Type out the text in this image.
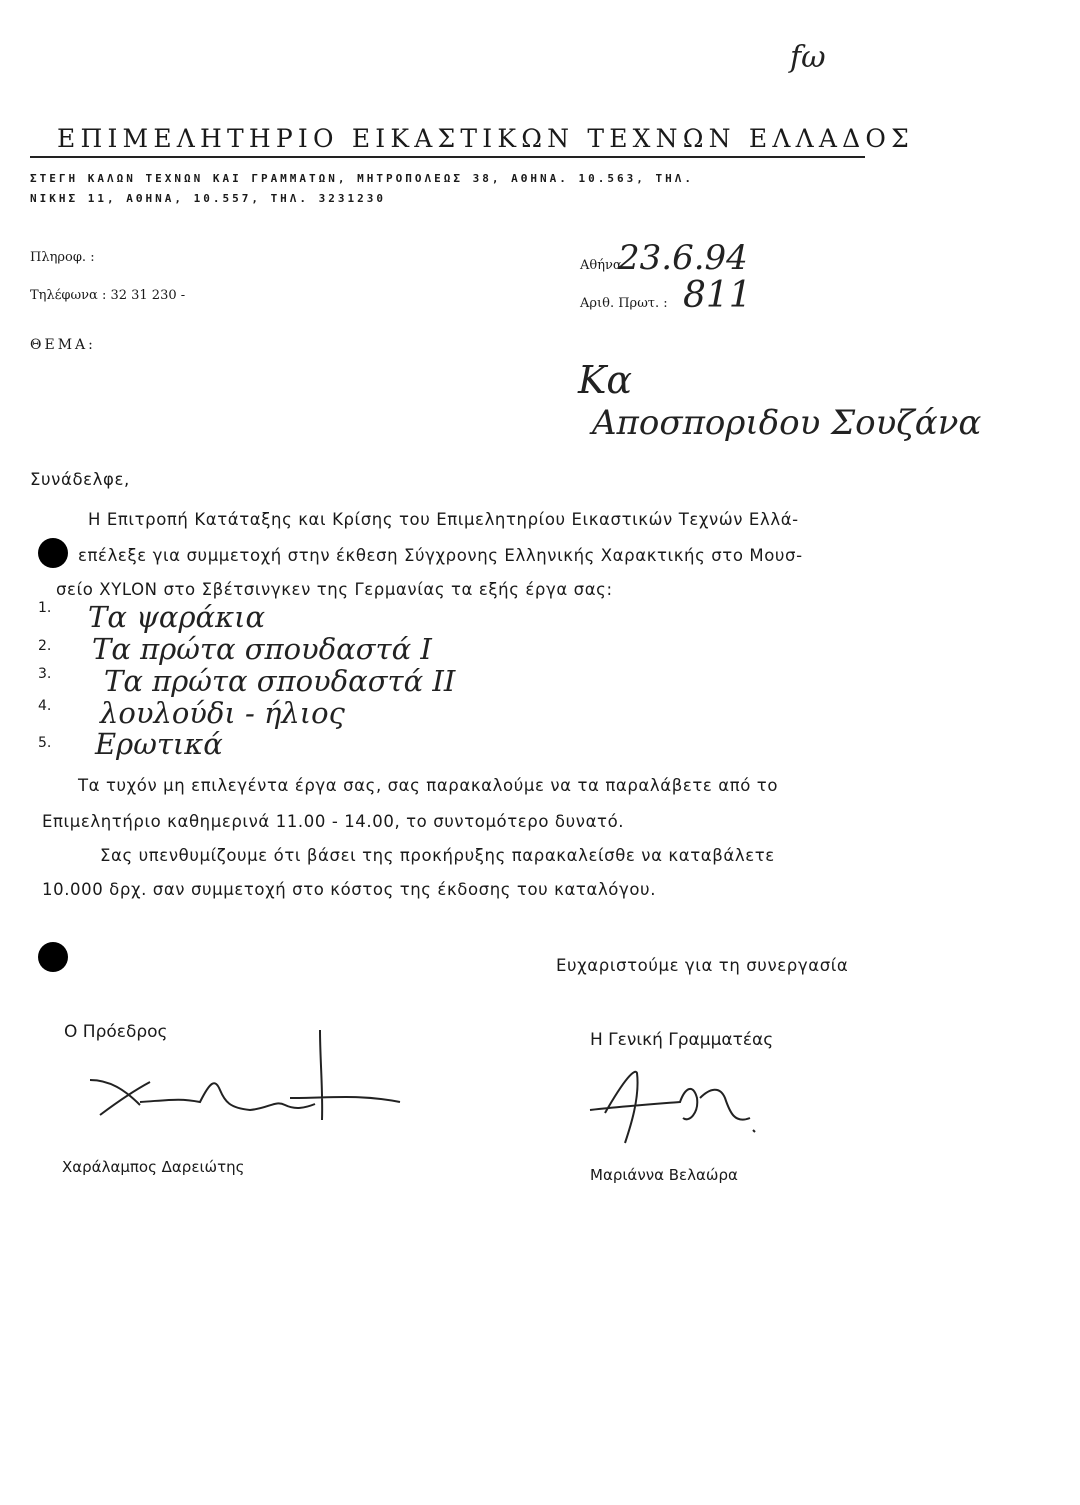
fω
ΕΠΙΜΕΛΗΤΗΡΙΟ ΕΙΚΑΣΤΙΚΩΝ ΤΕΧΝΩΝ ΕΛΛΑΔΟΣ
ΣΤΕΓΗ ΚΑΛΩΝ ΤΕΧΝΩΝ ΚΑΙ ΓΡΑΜΜΑΤΩΝ, ΜΗΤΡΟΠΟΛΕΩΣ 38, ΑΘΗΝΑ. 10.563, ΤΗΛ.
ΝΙΚΗΣ 11, ΑΘΗΝΑ, 10.557, ΤΗΛ. 3231230
Πληροφ. :
Τηλέφωνα : 32 31 230 -
ΘΕΜΑ:
Αθήνα
23.6.94
Αριθ. Πρωτ. : 811
Κα
Αποσποριδου Σουζάνα
Συνάδελφε,
Η Επιτροπή Κατάταξης και Κρίσης του Επιμελητηρίου Εικαστικών Τεχνών Ελλά-
επέλεξε για συμμετοχή στην έκθεση Σύγχρονης Ελληνικής Χαρακτικής στο Μουσ-
σείο XYLON στο Σβέτσινγκεν της Γερμανίας τα εξής έργα σας:
1. Τα ψαράκια
2. Τα πρώτα σπουδαστά I
3. Τα πρώτα σπουδαστά II
4. λουλούδι - ήλιος
5. Ερωτικά
Τα τυχόν μη επιλεγέντα έργα σας, σας παρακαλούμε να τα παραλάβετε από το
Επιμελητήριο καθημερινά 11.00 - 14.00, το συντομότερο δυνατό.
Σας υπενθυμίζουμε ότι βάσει της προκήρυξης παρακαλείσθε να καταβάλετε
10.000 δρχ. σαν συμμετοχή στο κόστος της έκδοσης του καταλόγου.
Ευχαριστούμε για τη συνεργασία
Ο Πρόεδρος	Η Γενική Γραμματέας
Χαράλαμπος Δαρειώτης	Μαριάννα Βελαώρα
